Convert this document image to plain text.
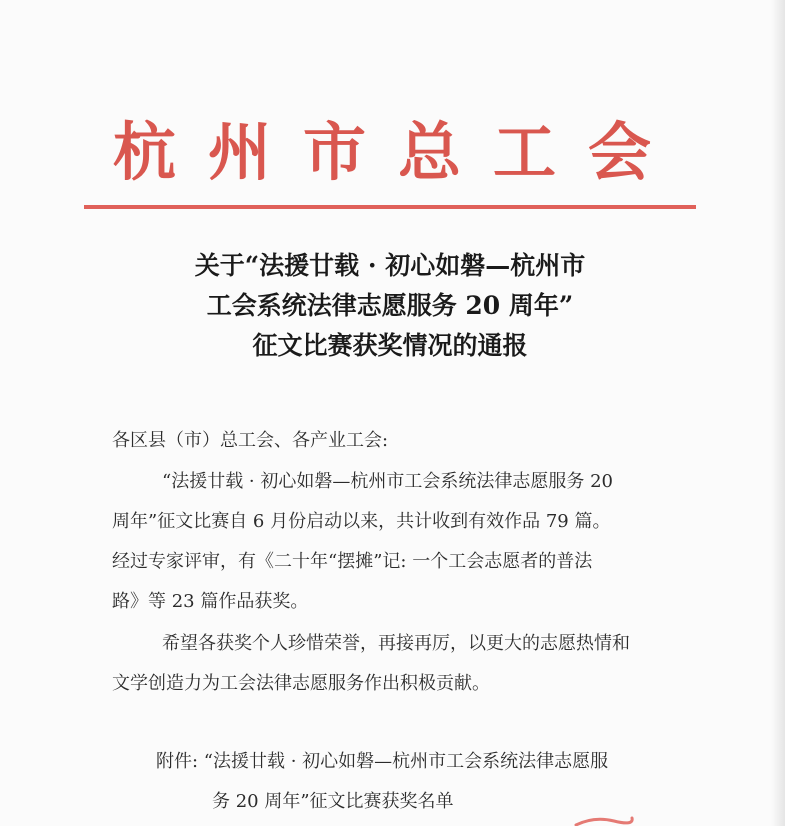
杭州市总工会
关于“法援廿载 · 初心如磐—杭州市
工会系统法律志愿服务 20 周年”
征文比赛获奖情况的通报
各区县（市）总工会、各产业工会:
“法援廿载 · 初心如磐—杭州市工会系统法律志愿服务 20
周年”征文比赛自 6 月份启动以来，共计收到有效作品 79 篇。
经过专家评审，有《二十年“摆摊”记: 一个工会志愿者的普法
路》等 23 篇作品获奖。
希望各获奖个人珍惜荣誉，再接再厉，以更大的志愿热情和
文学创造力为工会法律志愿服务作出积极贡献。
附件: “法援廿载 · 初心如磐—杭州市工会系统法律志愿服
务 20 周年”征文比赛获奖名单
